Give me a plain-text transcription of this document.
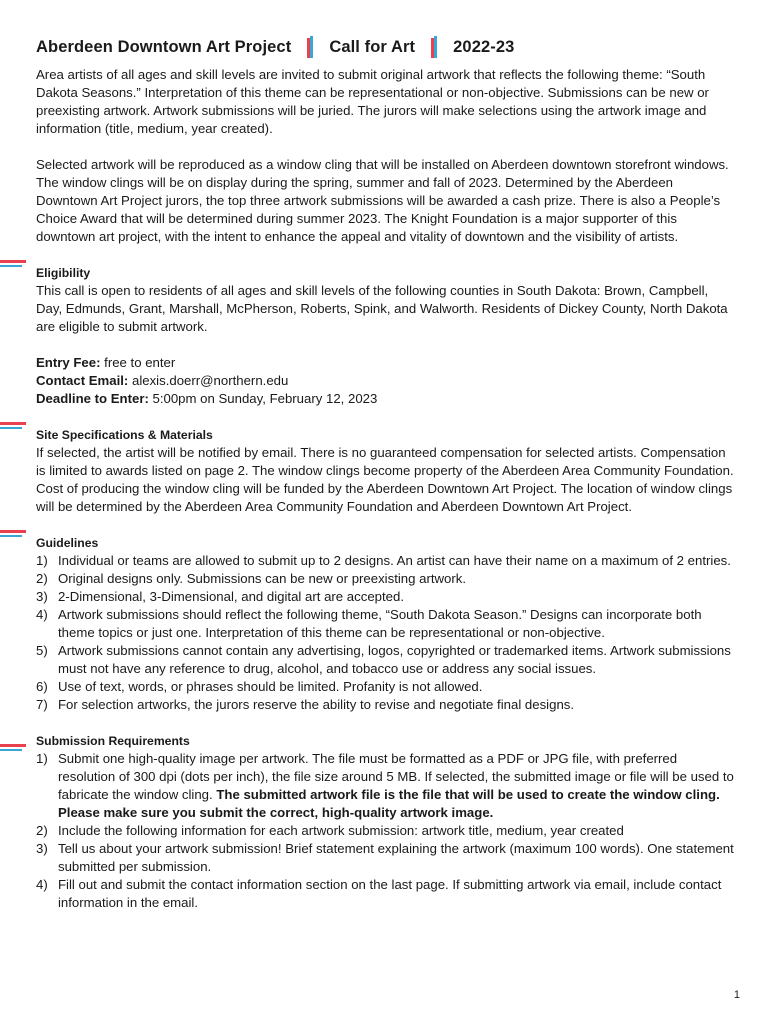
Aberdeen Downtown Art Project Call for Art 2022-23

Area artists of all ages and skill levels are invited to submit original artwork that reflects the following theme: “South Dakota Seasons.” Interpretation of this theme can be representational or non-objective. Submissions can be new or preexisting artwork. Artwork submissions will be juried. The jurors will make selections using the artwork image and information (title, medium, year created).

Selected artwork will be reproduced as a window cling that will be installed on Aberdeen downtown storefront windows. The window clings will be on display during the spring, summer and fall of 2023. Determined by the Aberdeen Downtown Art Project jurors, the top three artwork submissions will be awarded a cash prize. There is also a People’s Choice Award that will be determined during summer 2023. The Knight Foundation is a major supporter of this downtown art project, with the intent to enhance the appeal and vitality of downtown and the visibility of artists.

Eligibility

This call is open to residents of all ages and skill levels of the following counties in South Dakota: Brown, Campbell, Day, Edmunds, Grant, Marshall, McPherson, Roberts, Spink, and Walworth. Residents of Dickey County, North Dakota are eligible to submit artwork.

Entry Fee: free to enter
Contact Email: alexis.doerr@northern.edu
Deadline to Enter: 5:00pm on Sunday, February 12, 2023
Site Specifications & Materials

If selected, the artist will be notified by email. There is no guaranteed compensation for selected artists. Compensation is limited to awards listed on page 2. The window clings become property of the Aberdeen Area Community Foundation. Cost of producing the window cling will be funded by the Aberdeen Downtown Art Project. The location of window clings will be determined by the Aberdeen Area Community Foundation and Aberdeen Downtown Art Project.

Guidelines
1) Individual or teams are allowed to submit up to 2 designs. An artist can have their name on a maximum of 2 entries.
2) Original designs only. Submissions can be new or preexisting artwork.
3) 2-Dimensional, 3-Dimensional, and digital art are accepted.
4) Artwork submissions should reflect the following theme, “South Dakota Season.” Designs can incorporate both theme topics or just one. Interpretation of this theme can be representational or non-objective.
5) Artwork submissions cannot contain any advertising, logos, copyrighted or trademarked items. Artwork submissions must not have any reference to drug, alcohol, and tobacco use or address any social issues.
6) Use of text, words, or phrases should be limited. Profanity is not allowed.
7) For selection artworks, the jurors reserve the ability to revise and negotiate final designs.
Submission Requirements
1) Submit one high-quality image per artwork. The file must be formatted as a PDF or JPG file, with preferred resolution of 300 dpi (dots per inch), the file size around 5 MB. If selected, the submitted image or file will be used to fabricate the window cling. The submitted artwork file is the file that will be used to create the window cling. Please make sure you submit the correct, high-quality artwork image.
2) Include the following information for each artwork submission: artwork title, medium, year created
3) Tell us about your artwork submission! Brief statement explaining the artwork (maximum 100 words). One statement submitted per submission.
4) Fill out and submit the contact information section on the last page. If submitting artwork via email, include contact information in the email.
1
